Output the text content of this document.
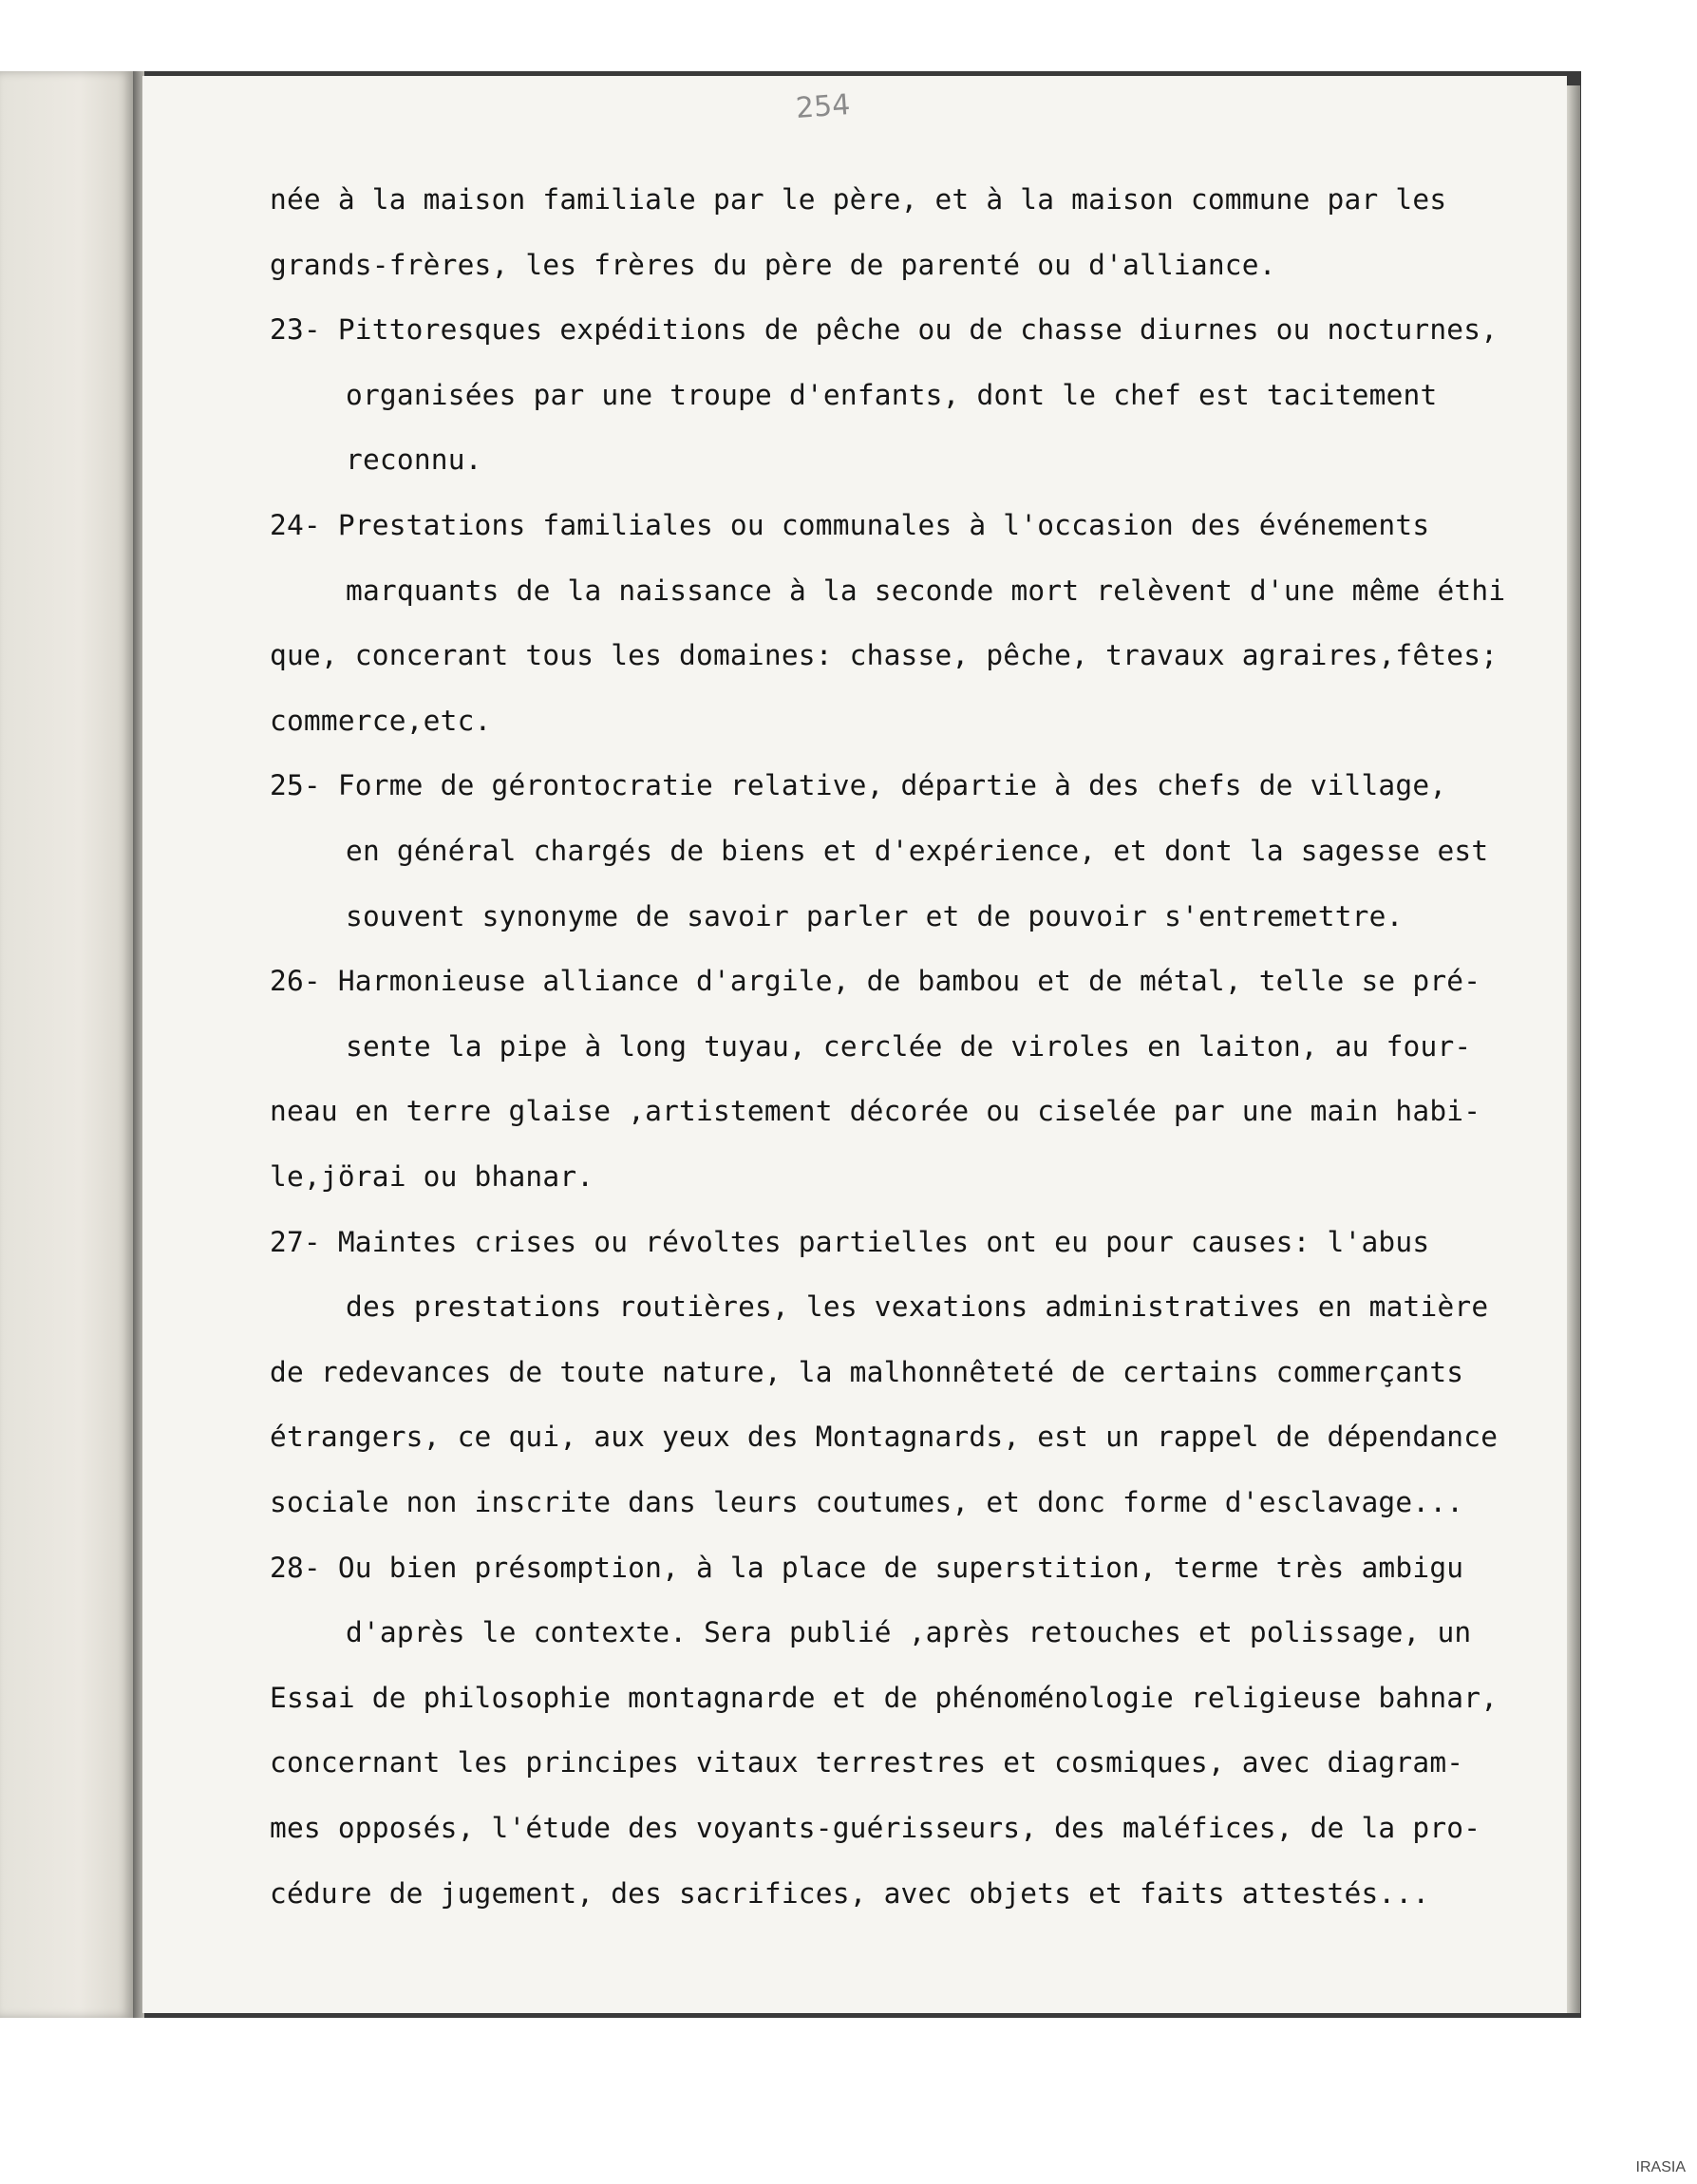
254
née à la maison familiale par le père, et à la maison commune par les
grands-frères, les frères du père de parenté ou d'alliance.
23- Pittoresques expéditions de pêche ou de chasse diurnes ou nocturnes,
organisées par une troupe d'enfants, dont le chef est tacitement
reconnu.
24- Prestations familiales ou communales à l'occasion des événements
marquants de la naissance à la seconde mort relèvent d'une même éthi
que, concerant tous les domaines: chasse, pêche, travaux agraires,fêtes;
commerce,etc.
25- Forme de gérontocratie relative, départie à des chefs de village,
en général chargés de biens et d'expérience, et dont la sagesse est
souvent synonyme de savoir parler et de pouvoir s'entremettre.
26- Harmonieuse alliance d'argile, de bambou et de métal, telle se pré-
sente la pipe à long tuyau, cerclée de viroles en laiton, au four-
neau en terre glaise ,artistement décorée ou ciselée par une main habi-
le,jörai ou bhanar.
27- Maintes crises ou révoltes partielles ont eu pour causes: l'abus
des prestations routières, les vexations administratives en matière
de redevances de toute nature, la malhonnêteté de certains commerçants
étrangers, ce qui, aux yeux des Montagnards, est un rappel de dépendance
sociale non inscrite dans leurs coutumes, et donc forme d'esclavage...
28- Ou bien présomption, à la place de superstition, terme très ambigu
d'après le contexte. Sera publié ,après retouches et polissage, un
Essai de philosophie montagnarde et de phénoménologie religieuse bahnar,
concernant les principes vitaux terrestres et cosmiques, avec diagram-
mes opposés, l'étude des voyants-guérisseurs, des maléfices, de la pro-
cédure de jugement, des sacrifices, avec objets et faits attestés...
IRASIA
